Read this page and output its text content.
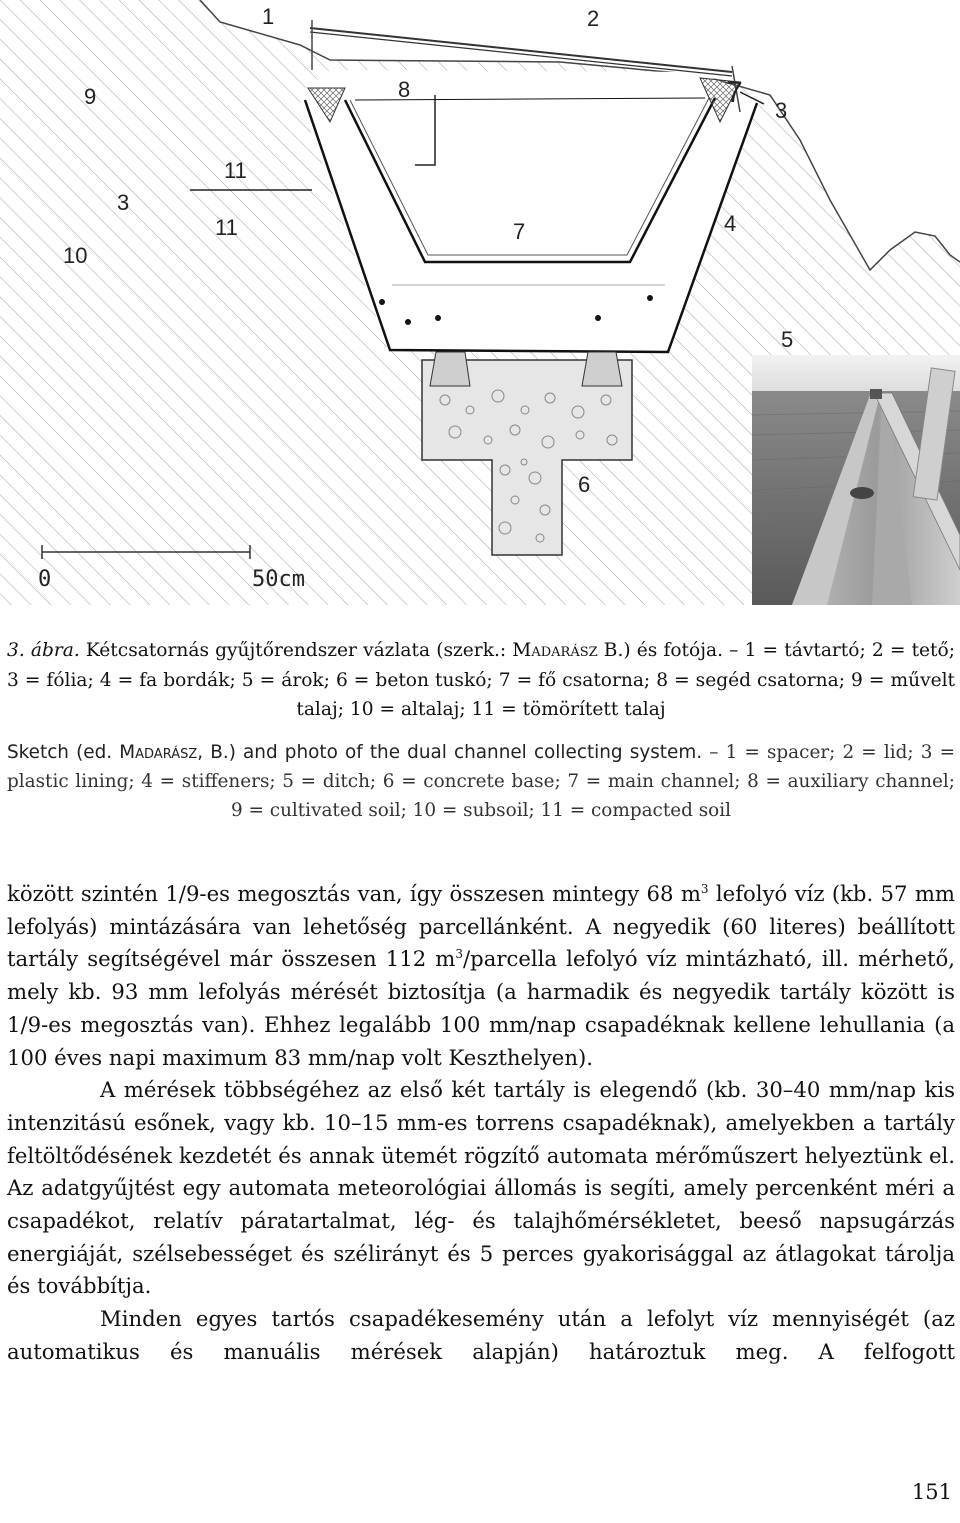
1	2
9	8	7
3
11
3
11	7	4
10
5
6
0	50cm
3. ábra. Kétcsatornás gyűjtőrendszer vázlata (szerk.: Madarász B.) és fotója. – 1 = távtartó; 2 = tető; 3 = fólia; 4 = fa bordák; 5 = árok; 6 = beton tuskó; 7 = fő csatorna; 8 = segéd csatorna; 9 = művelt talaj; 10 = altalaj; 11 = tömörített talaj
Sketch (ed. Madarász, B.) and photo of the dual channel collecting system. – 1 = spacer; 2 = lid; 3 = plastic lining; 4 = stiffeners; 5 = ditch; 6 = concrete base; 7 = main channel; 8 = auxiliary channel; 9 = cultivated soil; 10 = subsoil; 11 = compacted soil

között szintén 1/9-es megosztás van, így összesen mintegy 68 $m^3$ lefolyó víz (kb. 57 mm lefolyás) mintázására van lehetőség parcellánként. A negyedik (60 literes) beállított tartály segítségével már összesen 112 $m^3$/parcella lefolyó víz mintázható, ill. mérhető, mely kb. 93 mm lefolyás mérését biztosítja (a harmadik és negyedik tartály között is 1/9-es megosztás van). Ehhez legalább 100 mm/nap csapadéknak kellene lehullania (a 100 éves napi maximum 83 mm/nap volt Keszthelyen).

A mérések többségéhez az első két tartály is elegendő (kb. 30–40 mm/nap kis intenzitású esőnek, vagy kb. 10–15 mm-es torrens csapadéknak), amelyekben a tartály feltöltődésének kezdetét és annak ütemét rögzítő automata mérőműszert helyeztünk el. Az adatgyűjtést egy automata meteorológiai állomás is segíti, amely percenként méri a csapadékot, relatív páratartalmat, lég- és talajhőmérsékletet, beeső napsugárzás energiáját, szélsebességet és szélirányt és 5 perces gyakorisággal az átlagokat tárolja és továbbítja.

Minden egyes tartós csapadékesemény után a lefolyt víz mennyiségét (az automatikus és manuális mérések alapján) határoztuk meg. A felfogott

151
